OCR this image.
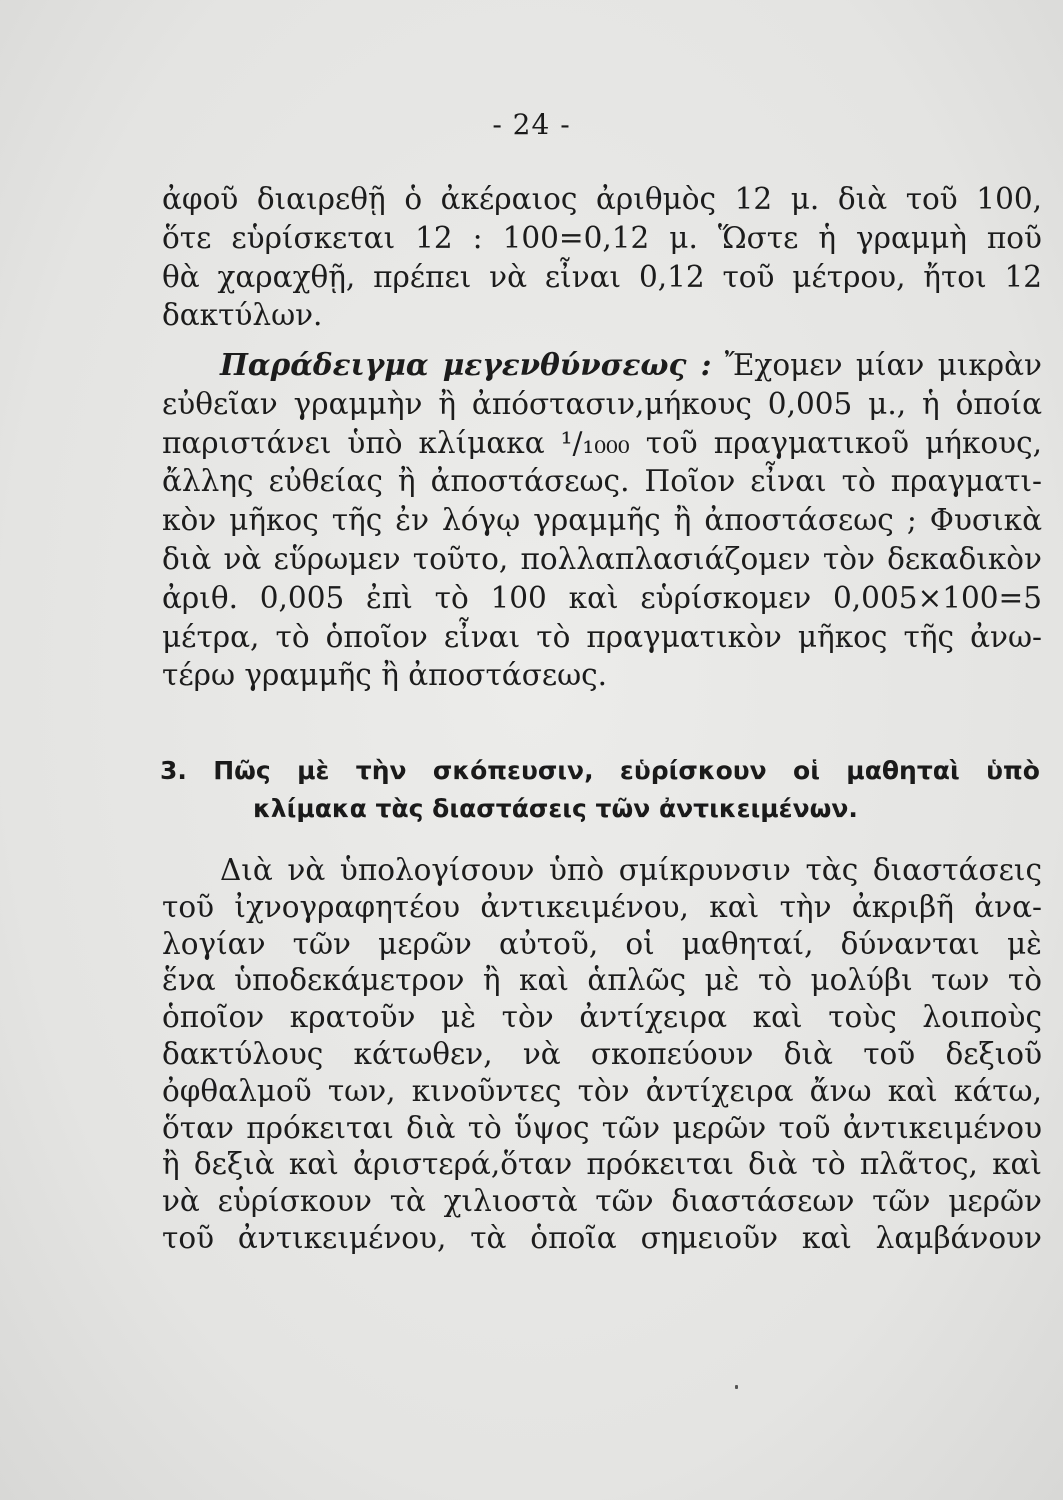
- 24 -

ἀφοῦ διαιρεθῇ ὁ ἀκέραιος ἀριθμὸς 12 μ. διὰ τοῦ 100,

ὅτε εὑρίσκεται 12 : 100=0,12 μ. Ὥστε ἡ γραμμὴ ποῦ

θὰ χαραχθῇ, πρέπει νὰ εἶναι 0,12 τοῦ μέτρου, ἤτοι 12

δακτύλων.

Παράδειγμα μεγενθύνσεως : Ἔχομεν μίαν μικρὰν

εὐθεῖαν γραμμὴν ἢ ἀπόστασιν,μήκους 0,005 μ., ἡ ὁποία

παριστάνει ὑπὸ κλίμακα ¹/₁₀₀₀ τοῦ πραγματικοῦ μήκους,

ἄλλης εὐθείας ἢ ἀποστάσεως. Ποῖον εἶναι τὸ πραγματι-

κὸν μῆκος τῆς ἐν λόγῳ γραμμῆς ἢ ἀποστάσεως ; Φυσικὰ

διὰ νὰ εὕρωμεν τοῦτο, πολλαπλασιάζομεν τὸν δεκαδικὸν

ἀριθ. 0,005 ἐπὶ τὸ 100 καὶ εὑρίσκομεν 0,005×100=5

μέτρα, τὸ ὁποῖον εἶναι τὸ πραγματικὸν μῆκος τῆς ἀνω-

τέρω γραμμῆς ἢ ἀποστάσεως.

3. Πῶς μὲ τὴν σκόπευσιν, εὑρίσκουν οἱ μαθηταὶ ὑπὸ
κλίμακα τὰς διαστάσεις τῶν ἀντικειμένων.

Διὰ νὰ ὑπολογίσουν ὑπὸ σμίκρυνσιν τὰς διαστάσεις

τοῦ ἰχνογραφητέου ἀντικειμένου, καὶ τὴν ἀκριβῆ ἀνα-

λογίαν τῶν μερῶν αὐτοῦ, οἱ μαθηταί, δύνανται μὲ

ἕνα ὑποδεκάμετρον ἢ καὶ ἁπλῶς μὲ τὸ μολύβι των τὸ

ὁποῖον κρατοῦν μὲ τὸν ἀντίχειρα καὶ τοὺς λοιποὺς

δακτύλους κάτωθεν, νὰ σκοπεύουν διὰ τοῦ δεξιοῦ

ὀφθαλμοῦ των, κινοῦντες τὸν ἀντίχειρα ἄνω καὶ κάτω,

ὅταν πρόκειται διὰ τὸ ὕψος τῶν μερῶν τοῦ ἀντικειμένου

ἢ δεξιὰ καὶ ἀριστερά,ὅταν πρόκειται διὰ τὸ πλᾶτος, καὶ

νὰ εὑρίσκουν τὰ χιλιοστὰ τῶν διαστάσεων τῶν μερῶν

τοῦ ἀντικειμένου, τὰ ὁποῖα σημειοῦν καὶ λαμβάνουν
